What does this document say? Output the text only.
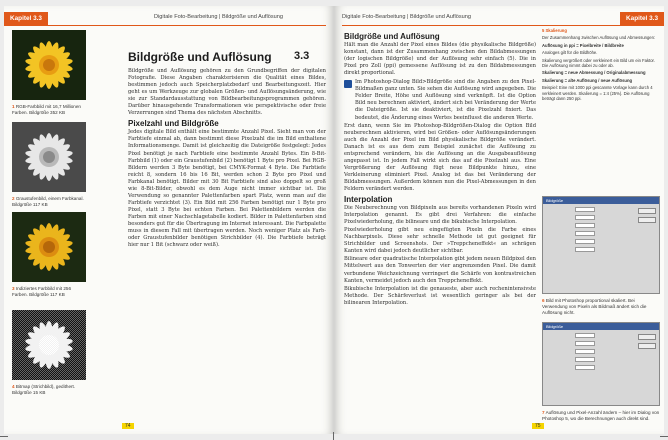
Kapitel 3.3	Digitale Foto-Bearbeitung | Bildgröße und Auflösung
Bildgröße und Auflösung 3.3
1 RGB-Farbbild mit 16,7 Millionen Farben. Bildgröße 352 KB
2 Graustufenbild, einem Farbkanal. Bildgröße 117 KB
3 Indiziertes Farbbild mit 256 Farben. Bildgröße 117 KB
4 Bitmap (Strichbild), gedithert. Bildgröße 15 KB

Bildgröße und Auflösung gehören zu den Grundbegriffen der digitalen Fotografie. Diese Angaben charakterisieren die Qualität eines Bildes, bestimmen jedoch auch Speicherplatzbedarf und Bearbeitungszeit. Hier geht es um Werkzeuge zur globalen Größen- und Auflösungsänderung, wie sie zur Standardausstattung von Bildbearbeitungsprogrammen gehören. Darüber hinausgehende Transformationen wie perspektivische oder freie Verzerrungen sind Thema des nächsten Abschnitts.

Pixelzahl und Bildgröße

Jedes digitale Bild enthält eine bestimmte Anzahl Pixel. Sieht man von der Farbtiefe einmal ab, dann bestimmt diese Pixelzahl die im Bild enthaltene Informationsmenge. Damit ist gleichzeitig die Dateigröße festgelegt: Jedes Pixel benötigt je nach Farbtiefe eine bestimmte Anzahl Bytes. Ein 8-Bit-Farbbild (1) oder ein Graustufenbild (2) benötigt 1 Byte pro Pixel. Bei RGB-Bildern werden 3 Byte benötigt, bei CMYK-Format 4 Byte. Die Farbtiefe reicht 8, sondern 16 bis 16 Bit, werden schon 2 Byte pro Pixel und Farbkanal benötigt. Bilder mit 30 Bit Farbtiefe sind also doppelt so groß wie 8-Bit-Bilder, obwohl es dem Auge nicht immer sichtbar ist. Die Verwendung so genannter Palettenfarben spart Platz, wenn man auf die Farbtiefe verzichtet (3). Ein Bild mit 256 Farben benötigt nur 1 Byte pro Pixel, statt 3 Byte bei echten Farben. Bei Palettenbildern werden die Farben mit einer Nachschlagetabelle kodiert. Bilder in Palettenfarben sind besonders gut für die Übertragung im Internet interessant. Die Farbpalette muss in diesem Fall mit übertragen werden. Noch weniger Platz als Farb- oder Graustufenbilder benötigen Strichbilder (4). Die Farbtiefe beträgt hier nur 1 Bit (schwarz oder weiß).

74
Digitale Foto-Bearbeitung | Bildgröße und Auflösung	Kapitel 3.3
Bildgröße und Auflösung

Hält man die Anzahl der Pixel eines Bildes (die physikalische Bildgröße) konstant, dann ist der Zusammenhang zwischen den Bildabmessungen (der logischen Bildgröße) und der Auflösung sehr einfach (5). Die in Pixel pro Zoll (ppi) gemessene Auflösung ist zu den Bildabmessungen direkt proportional.

Im Photoshop-Dialog Bild>Bildgröße sind die Angaben zu den Pixel-Bildmaßen ganz unten. Sie sehen die Auflösung wird angegeben. Die Felder Breite, Höhe und Auflösung sind verknüpft. Ist die Option Bild neu berechnen aktiviert, ändert sich bei Veränderung der Werte die Dateigröße. Ist sie deaktiviert, ist die Pixelzahl fixiert. Das bedeutet, die Änderung eines Wertes beeinflusst die anderen Werte.

Erst dann, wenn Sie im Photoshop-Bildgrößen-Dialog die Option Bild neuberechnen aktivieren, wird bei Größen- oder Auflösungsänderungen auch die Anzahl der Pixel im Bild physikalische Bildgröße verändert. Danach ist es aus dem zum Beispiel zunächst die Auflösung zu entsprechend verändern, bis die Auflösung an die Ausgabeauflösung angepasst ist. In jedem Fall wirkt sich das auf die Pixelzahl aus. Eine Vergrößerung der Auflösung fügt neue Bildpunkte hinzu, eine Verkleinerung eliminiert Pixel. Analog ist das bei Veränderung der Bildabmessungen. Außerdem können nun die Pixel-Abmessungen in den Feldern verändert werden.

Interpolation

Die Neuberechnung von Bildpixeln aus bereits vorhandenen Pixeln wird Interpolation genannt. Es gibt drei Verfahren: die einfache Pixelwiederholung, die bilineare und die bikubische Interpolation.

Pixelwiederholung gibt neu eingefügten Pixeln die Farbe eines Nachbarpixels. Diese sehr schnelle Methode ist gut geeignet für Strichbilder und Screenshots. Der »Treppcheneffekt« an schrägen Kanten wird dabei jedoch deutlicher sichtbar.

Bilineare oder quadratische Interpolation gibt jedem neuen Bildpixel den Mittelwert aus den Tonwerten der vier angrenzenden Pixel. Die damit verbundene Weichzeichnung verringert die Schärfe von kontrastreichen Kanten, vermeidet jedoch auch den Treppcheneffekt.

Bikubische Interpolation ist die genaueste, aber auch rechenintensivste Methode. Der Schärfeverlust ist wesentlich geringer als bei der bilinearen Interpolation.

5 Skalierung
Der Zusammenhang zwischen Auflösung und Abmessungen:
Auflösung in ppi = Pixelbreite / Bildbreite
Analoges gilt für die Bildhöhe.
Skalierung vergrößert oder verkleinert ein Bild um ein Faktor. Die Auflösung nimmt dabei zu oder ab.
Skalierung = neue Abmessung / Originalabmessung
Skalierung = alte Auflösung / neue Auflösung
Beispiel: Eine mit 1000 ppi gescannte Vorlage kann durch 4 verkleinert werden. Skalierung = 1:4 (25%). Die Auflösung beträgt dann 250 ppi.
Bildgröße
6 Bild mit Photoshop proportional skaliert. Bei Verwendung von Pixeln als Bildmaß ändert sich die Auflösung nicht.
Bildgröße
7 Auflösung und Pixel-Anzahl ändern – hier im Dialog von Photoshop 5, wo die Berechnungen auch direkt sind.
75
